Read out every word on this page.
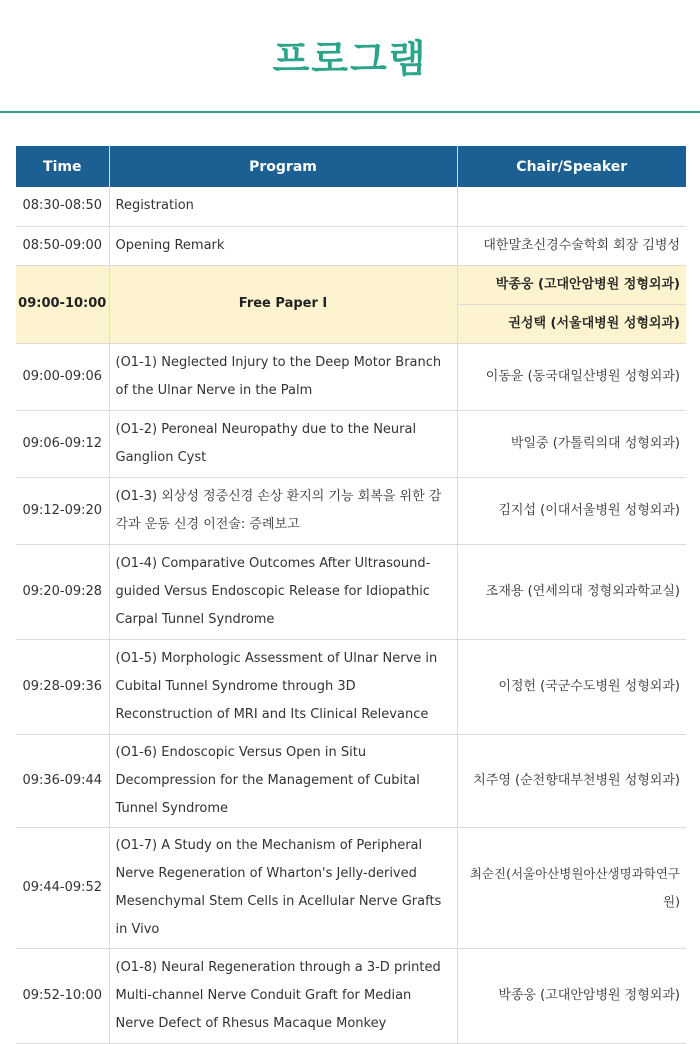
프로그램
Time	Program	Chair/Speaker
08:30-08:50	Registration	
08:50-09:00	Opening Remark	대한말초신경수술학회 회장 김병성
09:00-10:00	Free Paper I	박종웅 (고대안암병원 정형외과)
		권성택 (서울대병원 성형외과)
09:00-09:06	(O1-1) Neglected Injury to the Deep Motor Branch of the Ulnar Nerve in the Palm	이동윤 (동국대일산병원 성형외과)
09:06-09:12	(O1-2) Peroneal Neuropathy due to the Neural Ganglion Cyst	박일중 (가톨릭의대 성형외과)
09:12-09:20	(O1-3) 외상성 정중신경 손상 환지의 기능 회복을 위한 감각과 운동 신경 이전술: 증례보고	김지섭 (이대서울병원 성형외과)
09:20-09:28	(O1-4) Comparative Outcomes After Ultrasound-guided Versus Endoscopic Release for Idiopathic Carpal Tunnel Syndrome	조재용 (연세의대 정형외과학교실)
09:28-09:36	(O1-5) Morphologic Assessment of Ulnar Nerve in Cubital Tunnel Syndrome through 3D Reconstruction of MRI and Its Clinical Relevance	이정헌 (국군수도병원 성형외과)
09:36-09:44	(O1-6) Endoscopic Versus Open in Situ Decompression for the Management of Cubital Tunnel Syndrome	치주영 (순천향대부천병원 성형외과)
09:44-09:52	(O1-7) A Study on the Mechanism of Peripheral Nerve Regeneration of Wharton's Jelly-derived Mesenchymal Stem Cells in Acellular Nerve Grafts in Vivo	최순진(서울아산병원아산생명과학연구원)
09:52-10:00	(O1-8) Neural Regeneration through a 3-D printed Multi-channel Nerve Conduit Graft for Median Nerve Defect of Rhesus Macaque Monkey	박종웅 (고대안암병원 정형외과)
